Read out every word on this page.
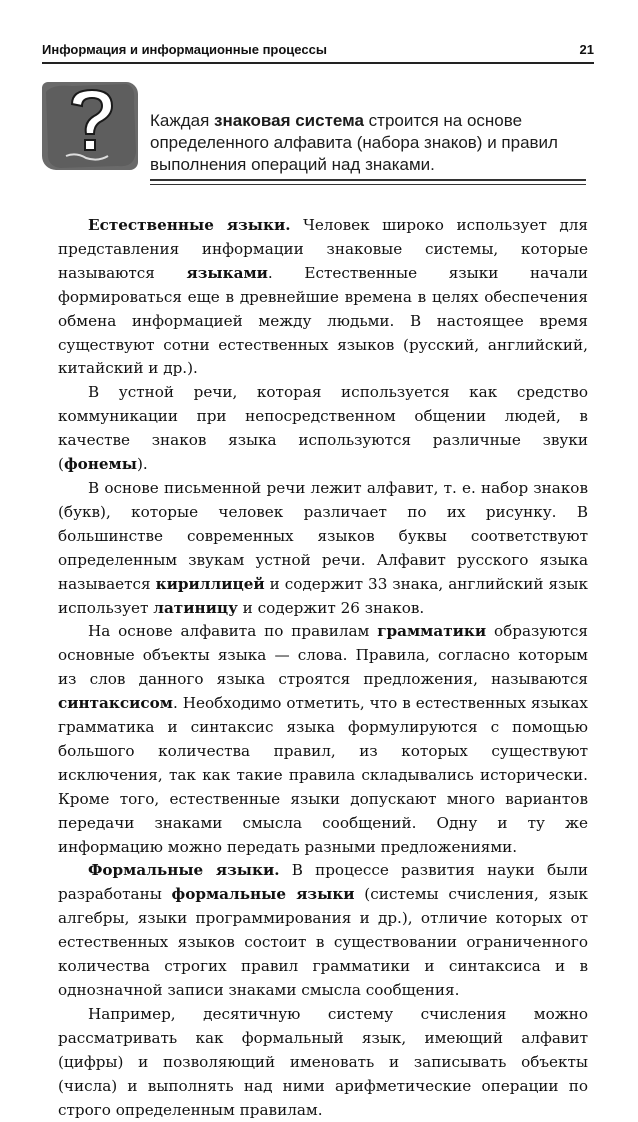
Информация и информационные процессы	21

Каждая знаковая система строится на основе определенного алфавита (набора знаков) и правил выполнения операций над знаками.

Естественные языки. Человек широко использует для представления информации знаковые системы, которые называются языками. Естественные языки начали формироваться еще в древнейшие времена в целях обеспечения обмена информацией между людьми. В настоящее время существуют сотни естественных языков (русский, английский, китайский и др.).

В устной речи, которая используется как средство коммуникации при непосредственном общении людей, в качестве знаков языка используются различные звуки (фонемы).

В основе письменной речи лежит алфавит, т. е. набор знаков (букв), которые человек различает по их рисунку. В большинстве современных языков буквы соответствуют определенным звукам устной речи. Алфавит русского языка называется кириллицей и содержит 33 знака, английский язык использует латиницу и содержит 26 знаков.

На основе алфавита по правилам грамматики образуются основные объекты языка — слова. Правила, согласно которым из слов данного языка строятся предложения, называются синтаксисом. Необходимо отметить, что в естественных языках грамматика и синтаксис языка формулируются с помощью большого количества правил, из которых существуют исключения, так как такие правила складывались исторически. Кроме того, естественные языки допускают много вариантов передачи знаками смысла сообщений. Одну и ту же информацию можно передать разными предложениями.

Формальные языки. В процессе развития науки были разработаны формальные языки (системы счисления, язык алгебры, языки программирования и др.), отличие которых от естественных языков состоит в существовании ограниченного количества строгих правил грамматики и синтаксиса и в однозначной записи знаками смысла сообщения.

Например, десятичную систему счисления можно рассматривать как формальный язык, имеющий алфавит (цифры) и позволяющий именовать и записывать объекты (числа) и выполнять над ними арифметические операции по строго определенным правилам.
